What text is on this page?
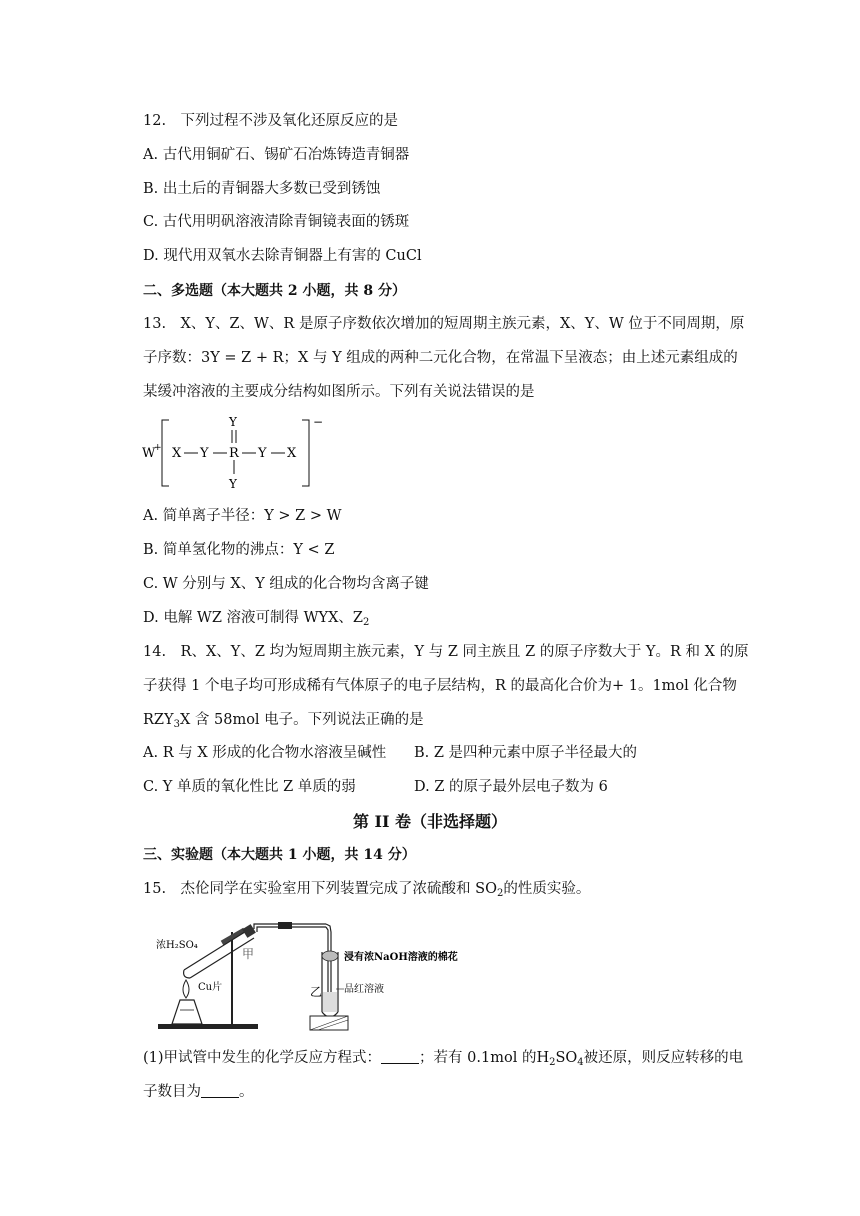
12.　下列过程不涉及氧化还原反应的是
A. 古代用铜矿石、锡矿石冶炼铸造青铜器
B. 出土后的青铜器大多数已受到锈蚀
C. 古代用明矾溶液清除青铜镜表面的锈斑
D. 现代用双氧水去除青铜器上有害的 CuCl
二、多选题（本大题共 2 小题，共 8 分）
13.　X、Y、Z、W、R 是原子序数依次增加的短周期主族元素，X、Y、W 位于不同周期，原
子序数：3Y = Z + R；X 与 Y 组成的两种二元化合物，在常温下呈液态；由上述元素组成的
某缓冲溶液的主要成分结构如图所示。下列有关说法错误的是
W
+
−
X Y R Y X
Y
Y
A. 简单离子半径：Y > Z > W
B. 简单氢化物的沸点：Y < Z
C. W 分别与 X、Y 组成的化合物均含离子键
D. 电解 WZ 溶液可制得 WYX、$Z_2$
14.　R、X、Y、Z 均为短周期主族元素，Y 与 Z 同主族且 Z 的原子序数大于 Y。R 和 X 的原
子获得 1 个电子均可形成稀有气体原子的电子层结构，R 的最高化合价为+ 1。1mol 化合物
$RZY_3X$ 含 58mol 电子。下列说法正确的是
A. R 与 X 形成的化合物水溶液呈碱性 B. Z 是四种元素中原子半径最大的
C. Y 单质的氧化性比 Z 单质的弱	D. Z 的原子最外层电子数为 6
第 II 卷（非选择题）
三、实验题（本大题共 1 小题，共 14 分）
15.　杰伦同学在实验室用下列装置完成了浓硫酸和 $SO_2$的性质实验。
浓H₂SO₄
甲
Cu片
浸有浓NaOH溶液的棉花
乙 品红溶液
(1)甲试管中发生的化学反应方程式：	；若有 0.1mol 的$H_2SO_4$被还原，则反应转移的电
子数目为	。
